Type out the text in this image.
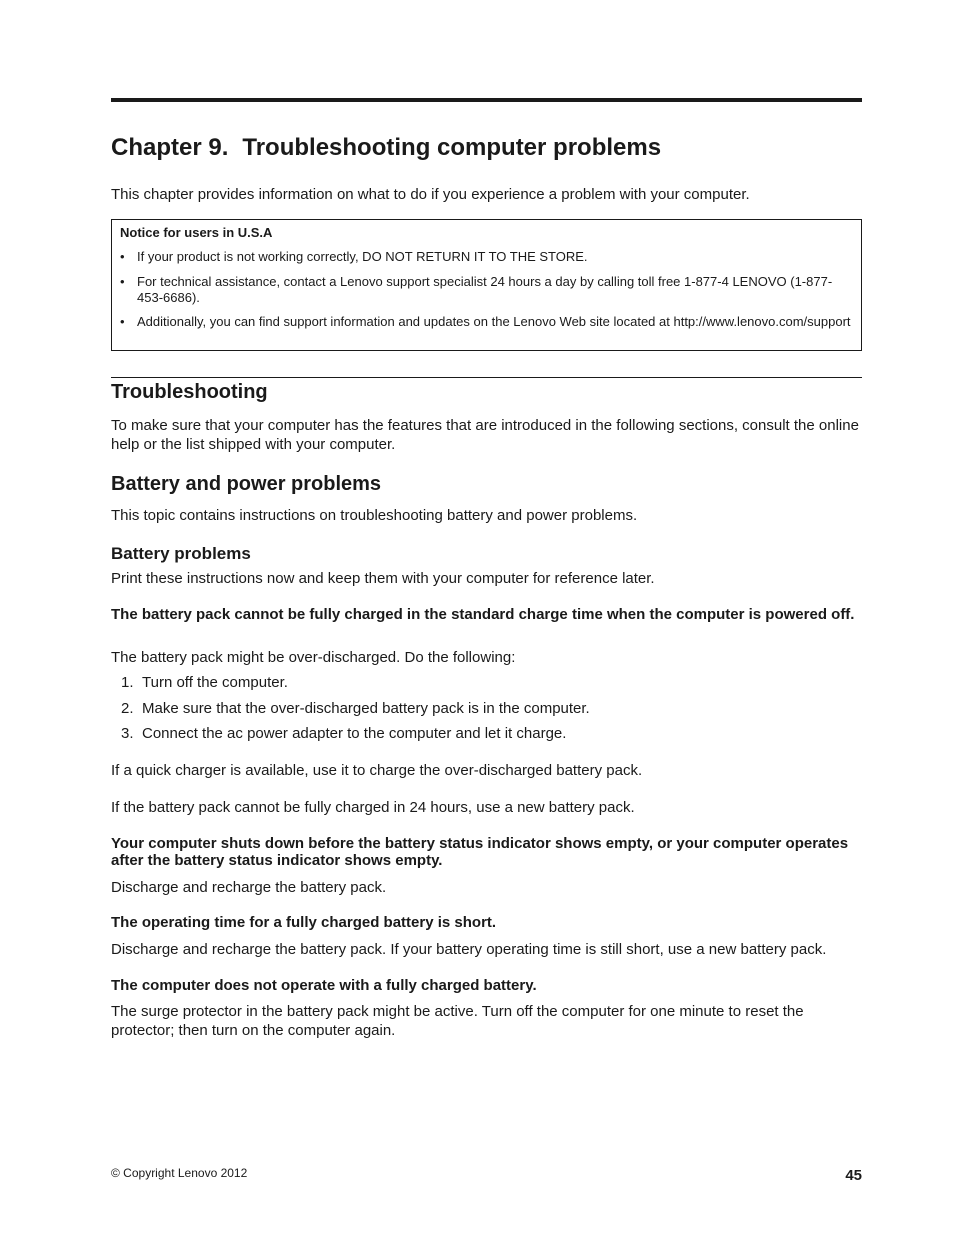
Chapter 9. Troubleshooting computer problems

This chapter provides information on what to do if you experience a problem with your computer.

Notice for users in U.S.A

• If your product is not working correctly, DO NOT RETURN IT TO THE STORE.
• For technical assistance, contact a Lenovo support specialist 24 hours a day by calling toll free 1-877-4 LENOVO (1-877-453-6686).
• Additionally, you can find support information and updates on the Lenovo Web site located at http://www.lenovo.com/support
Troubleshooting

To make sure that your computer has the features that are introduced in the following sections, consult the online help or the list shipped with your computer.

Battery and power problems

This topic contains instructions on troubleshooting battery and power problems.

Battery problems

Print these instructions now and keep them with your computer for reference later.

The battery pack cannot be fully charged in the standard charge time when the computer is powered off.

The battery pack might be over-discharged. Do the following:

1. Turn off the computer.
2. Make sure that the over-discharged battery pack is in the computer.
3. Connect the ac power adapter to the computer and let it charge.

If a quick charger is available, use it to charge the over-discharged battery pack.

If the battery pack cannot be fully charged in 24 hours, use a new battery pack.

Your computer shuts down before the battery status indicator shows empty, or your computer operates after the battery status indicator shows empty.

Discharge and recharge the battery pack.

The operating time for a fully charged battery is short.

Discharge and recharge the battery pack. If your battery operating time is still short, use a new battery pack.

The computer does not operate with a fully charged battery.

The surge protector in the battery pack might be active. Turn off the computer for one minute to reset the protector; then turn on the computer again.

© Copyright Lenovo 2012	45
